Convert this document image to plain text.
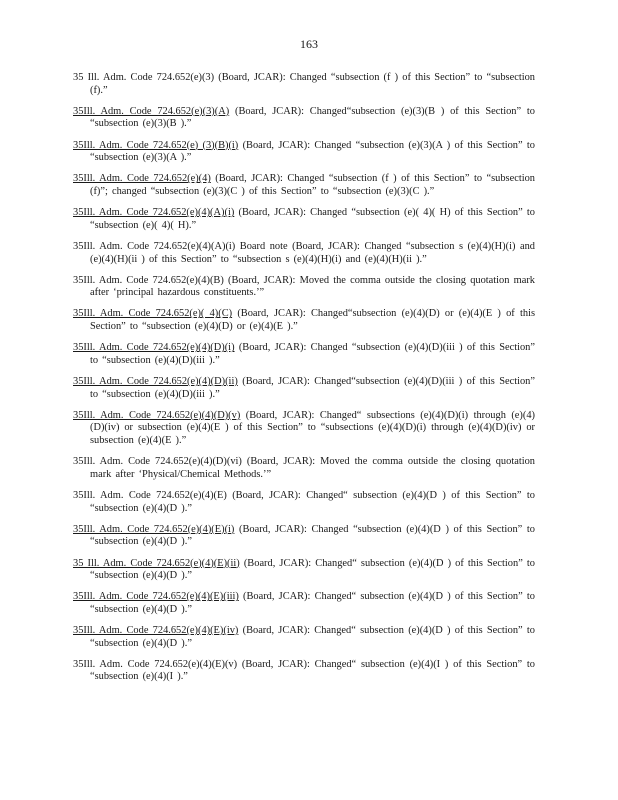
163

35 Ill. Adm. Code 724.652(e)(3) (Board, JCAR): Changed “subsection (f ) of this Section” to “subsection (f).”

35Ill. Adm. Code 724.652(e)(3)(A) (Board, JCAR): Changed“subsection (e)(3)(B ) of this Section” to “subsection (e)(3)(B ).”

35Ill. Adm. Code 724.652(e) (3)(B)(i) (Board, JCAR): Changed “subsection (e)(3)(A ) of this Section” to “subsection (e)(3)(A ).”

35Ill. Adm. Code 724.652(e)(4) (Board, JCAR): Changed “subsection (f ) of this Section” to “subsection (f)”; changed “subsection (e)(3)(C ) of this Section” to “subsection (e)(3)(C ).”

35Ill. Adm. Code 724.652(e)(4)(A)(i) (Board, JCAR): Changed “subsection (e)( 4)( H) of this Section” to “subsection (e)( 4)( H).”

35Ill. Adm. Code 724.652(e)(4)(A)(i) Board note (Board, JCAR): Changed “subsection s (e)(4)(H)(i) and (e)(4)(H)(ii ) of this Section” to “subsection s (e)(4)(H)(i) and (e)(4)(H)(ii ).”

35Ill. Adm. Code 724.652(e)(4)(B) (Board, JCAR): Moved the comma outside the closing quotation mark after ‘principal hazardous constituents.’”

35Ill. Adm. Code 724.652(e)( 4)(C) (Board, JCAR): Changed“subsection (e)(4)(D) or (e)(4)(E ) of this Section” to “subsection (e)(4)(D) or (e)(4)(E ).”

35Ill. Adm. Code 724.652(e)(4)(D)(i) (Board, JCAR): Changed “subsection (e)(4)(D)(iii ) of this Section” to “subsection (e)(4)(D)(iii ).”

35Ill. Adm. Code 724.652(e)(4)(D)(ii) (Board, JCAR): Changed“subsection (e)(4)(D)(iii ) of this Section” to “subsection (e)(4)(D)(iii ).”

35Ill. Adm. Code 724.652(e)(4)(D)(v) (Board, JCAR): Changed“ subsections (e)(4)(D)(i) through (e)(4)(D)(iv) or subsection (e)(4)(E ) of this Section” to “subsections (e)(4)(D)(i) through (e)(4)(D)(iv) or subsection (e)(4)(E ).”

35Ill. Adm. Code 724.652(e)(4)(D)(vi) (Board, JCAR): Moved the comma outside the closing quotation mark after ‘Physical/Chemical Methods.’”

35Ill. Adm. Code 724.652(e)(4)(E) (Board, JCAR): Changed“ subsection (e)(4)(D ) of this Section” to “subsection (e)(4)(D ).”

35Ill. Adm. Code 724.652(e)(4)(E)(i) (Board, JCAR): Changed “subsection (e)(4)(D ) of this Section” to “subsection (e)(4)(D ).”

35 Ill. Adm. Code 724.652(e)(4)(E)(ii) (Board, JCAR): Changed“ subsection (e)(4)(D ) of this Section” to “subsection (e)(4)(D ).”

35Ill. Adm. Code 724.652(e)(4)(E)(iii) (Board, JCAR): Changed“ subsection (e)(4)(D ) of this Section” to “subsection (e)(4)(D ).”

35Ill. Adm. Code 724.652(e)(4)(E)(iv) (Board, JCAR): Changed“ subsection (e)(4)(D ) of this Section” to “subsection (e)(4)(D ).”

35Ill. Adm. Code 724.652(e)(4)(E)(v) (Board, JCAR): Changed“ subsection (e)(4)(I ) of this Section” to “subsection (e)(4)(I ).”
